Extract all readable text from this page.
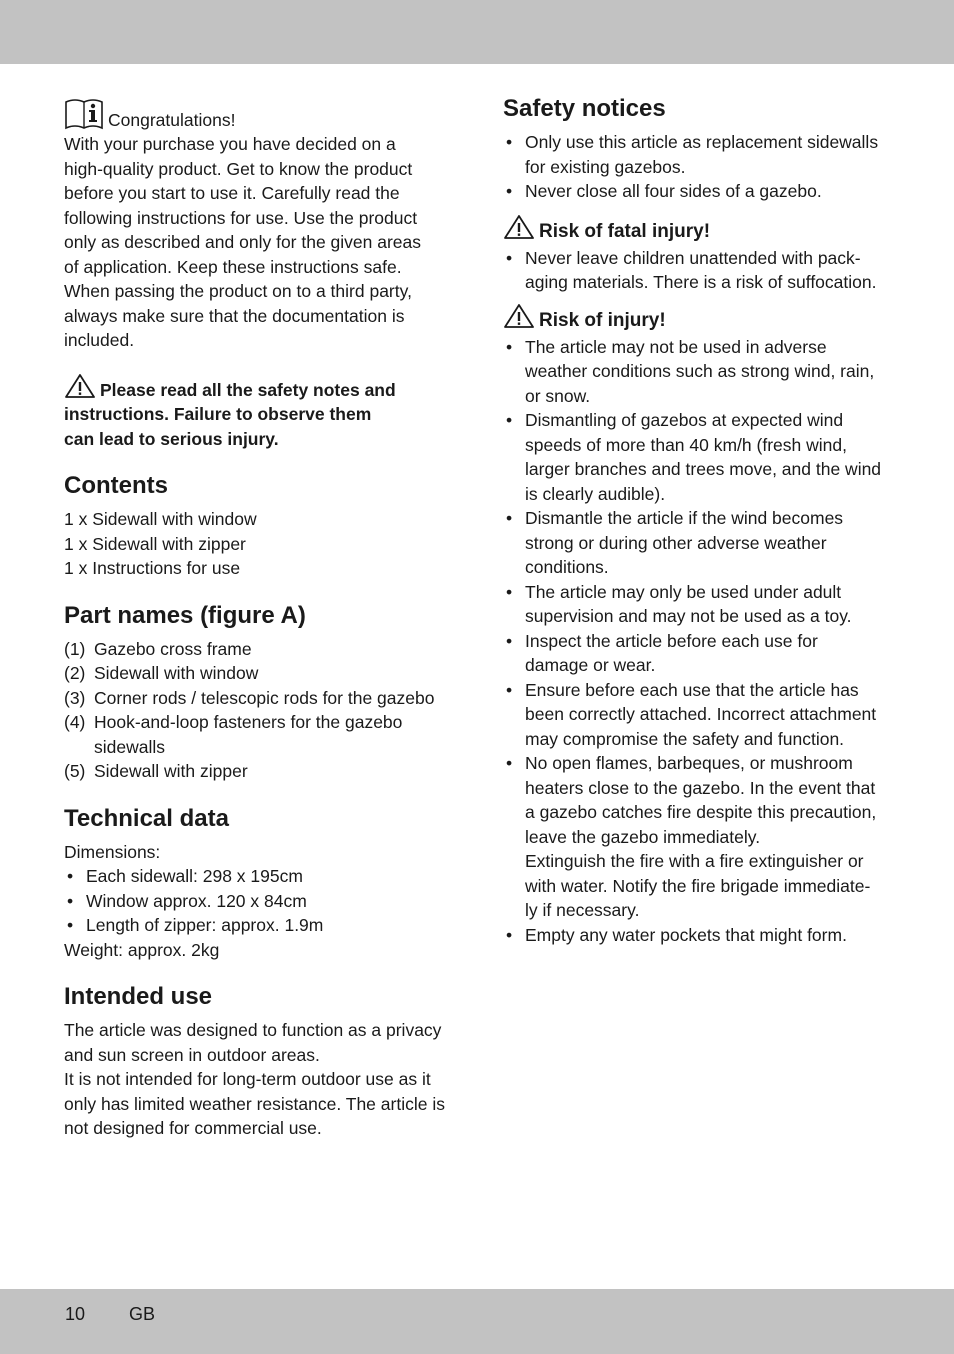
Congratulations!

With your purchase you have decided on a

high-quality product. Get to know the product

before you start to use it. Carefully read the

following instructions for use. Use the product

only as described and only for the given areas

of application. Keep these instructions safe.

When passing the product on to a third party,

always make sure that the documentation is

included.

Please read all the safety notes and
instructions. Failure to observe them
can lead to serious injury.
Contents

1 x Sidewall with window

1 x Sidewall with zipper

1 x Instructions for use

Part names (figure A)
(1) Gazebo cross frame
(2) Sidewall with window
(3) Corner rods / telescopic rods for the gazebo
(4) Hook-and-loop fasteners for the gazebo
sidewalls
(5) Sidewall with zipper
Technical data

Dimensions:

• Each sidewall: 298 x 195cm
• Window approx. 120 x 84cm
• Length of zipper: approx. 1.9m

Weight: approx. 2kg

Intended use

The article was designed to function as a privacy

and sun screen in outdoor areas.

It is not intended for long-term outdoor use as it

only has limited weather resistance. The article is

not designed for commercial use.

Safety notices
• Only use this article as replacement sidewalls
for existing gazebos.
• Never close all four sides of a gazebo.
Risk of fatal injury!
• Never leave children unattended with pack-
aging materials. There is a risk of suffocation.
Risk of injury!
• The article may not be used in adverse
weather conditions such as strong wind, rain,
or snow.
• Dismantling of gazebos at expected wind
speeds of more than 40 km/h (fresh wind,
larger branches and trees move, and the wind
is clearly audible).
• Dismantle the article if the wind becomes
strong or during other adverse weather
conditions.
• The article may only be used under adult
supervision and may not be used as a toy.
• Inspect the article before each use for
damage or wear.
• Ensure before each use that the article has
been correctly attached. Incorrect attachment
may compromise the safety and function.
• No open flames, barbeques, or mushroom
heaters close to the gazebo. In the event that
a gazebo catches fire despite this precaution,
leave the gazebo immediately.
Extinguish the fire with a fire extinguisher or
with water. Notify the fire brigade immediate-
ly if necessary.
• Empty any water pockets that might form.
10 GB
